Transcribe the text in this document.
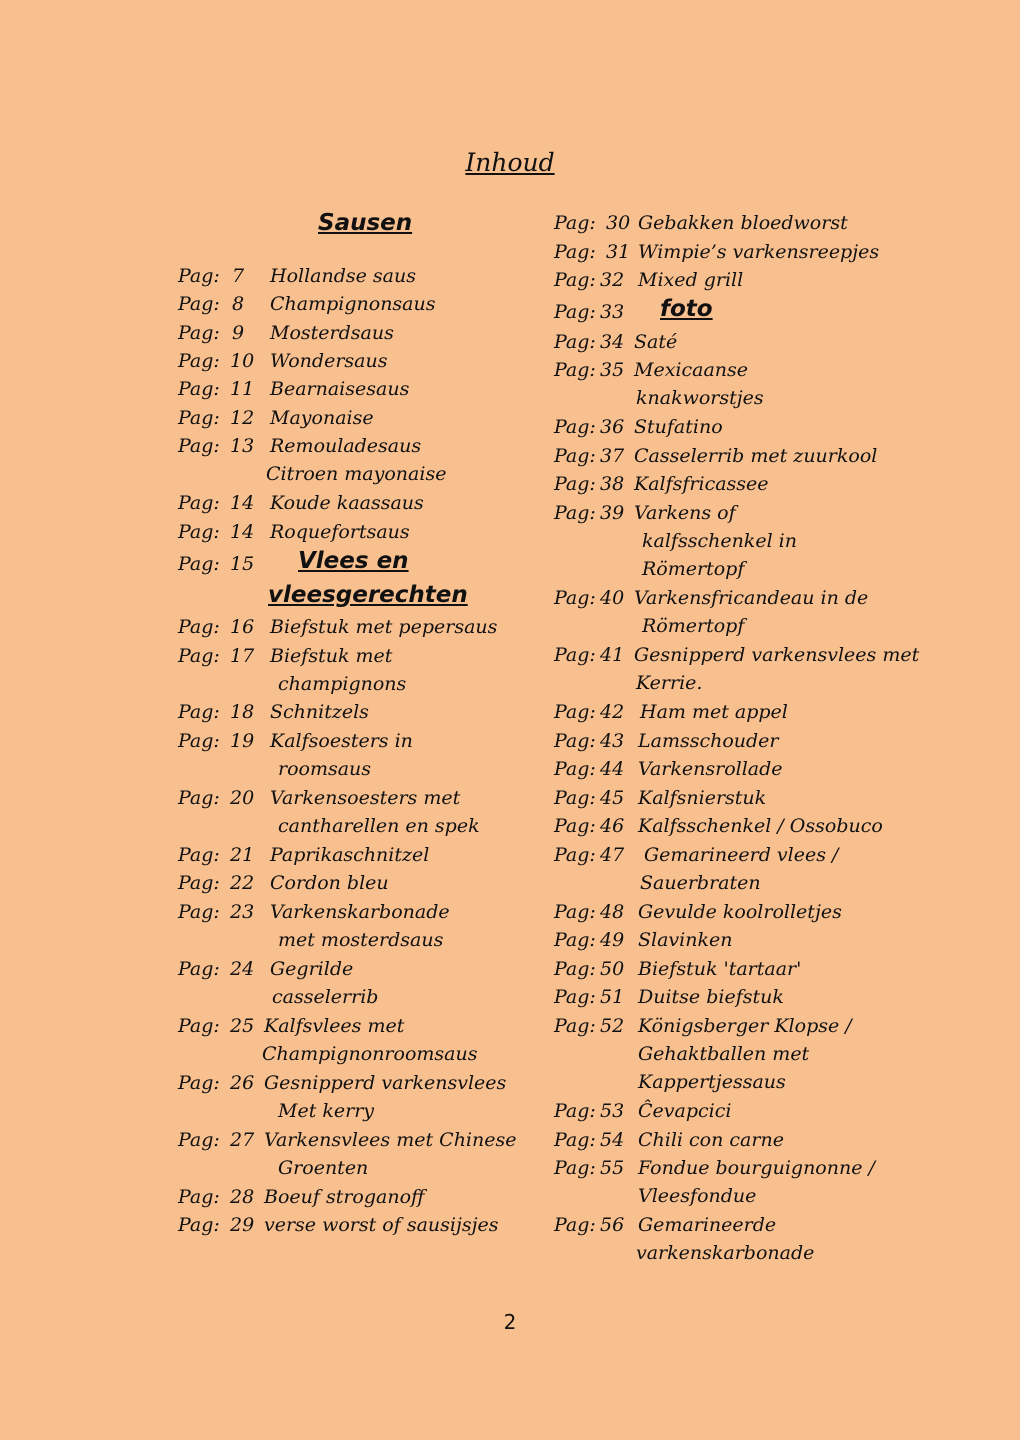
Inhoud
Sausen
Vlees en
vleesgerechten
foto
Pag: 7 Hollandse saus
Pag: 8 Champignonsaus
Pag: 9 Mosterdsaus
Pag: 10 Wondersaus
Pag: 11 Bearnaisesaus
Pag: 12 Mayonaise
Pag: 13 Remouladesaus
Citroen mayonaise
Pag: 14 Koude kaassaus
Pag: 14 Roquefortsaus
Pag: 15
Pag: 16 Biefstuk met pepersaus
Pag: 17 Biefstuk met
champignons
Pag: 18 Schnitzels
Pag: 19 Kalfsoesters in
roomsaus
Pag: 20 Varkensoesters met
cantharellen en spek
Pag: 21 Paprikaschnitzel
Pag: 22 Cordon bleu
Pag: 23 Varkenskarbonade
met mosterdsaus
Pag: 24 Gegrilde
casselerrib
Pag: 25 Kalfsvlees met
Champignonroomsaus
Pag: 26 Gesnipperd varkensvlees
Met kerry
Pag: 27 Varkensvlees met Chinese
Groenten
Pag: 28 Boeuf stroganoff
Pag: 29 verse worst of sausijsjes
Pag: 30 Gebakken bloedworst
Pag: 31 Wimpie’s varkensreepjes
Pag: 32 Mixed grill
Pag: 33
Pag: 34 Saté
Pag: 35 Mexicaanse
knakworstjes
Pag: 36 Stufatino
Pag: 37 Casselerrib met zuurkool
Pag: 38 Kalfsfricassee
Pag: 39 Varkens of
kalfsschenkel in
Römertopf
Pag: 40 Varkensfricandeau in de
Römertopf
Pag: 41 Gesnipperd varkensvlees met
Kerrie.
Pag: 42 Ham met appel
Pag: 43 Lamsschouder
Pag: 44 Varkensrollade
Pag: 45 Kalfsnierstuk
Pag: 46 Kalfsschenkel / Ossobuco
Pag: 47 Gemarineerd vlees /
Sauerbraten
Pag: 48 Gevulde koolrolletjes
Pag: 49 Slavinken
Pag: 50 Biefstuk 'tartaar'
Pag: 51 Duitse biefstuk
Pag: 52 Königsberger Klopse /
Gehaktballen met
Kappertjessaus
Pag: 53 Ĉevapcici
Pag: 54 Chili con carne
Pag: 55 Fondue bourguignonne /
Vleesfondue
Pag: 56 Gemarineerde
varkenskarbonade
2
